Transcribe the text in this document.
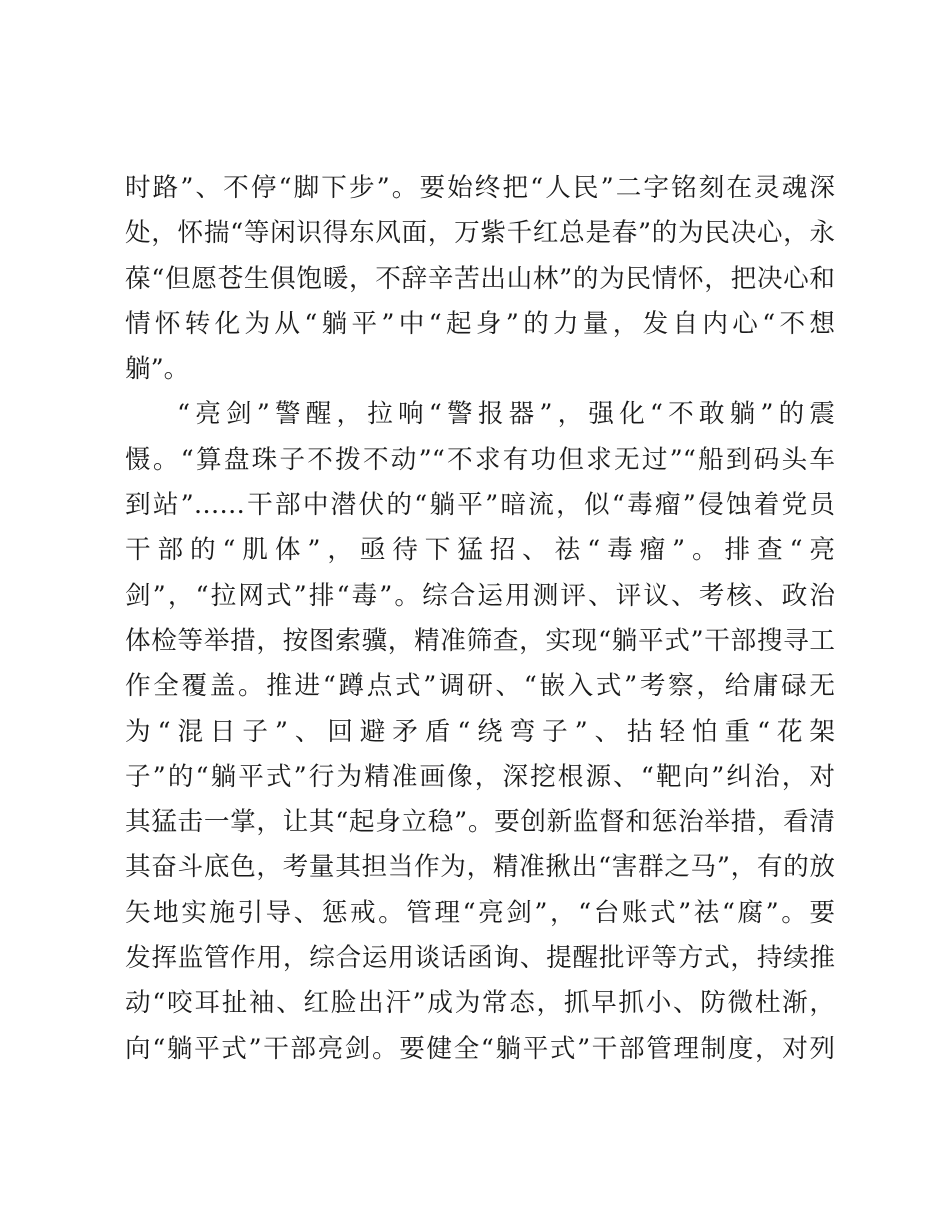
时路”、不停“脚下步”。要始终把“人民”二字铭刻在灵魂深
处，怀揣“等闲识得东风面，万紫千红总是春”的为民决心，永
葆“但愿苍生俱饱暖，不辞辛苦出山林”的为民情怀，把决心和
情怀转化为从“躺平”中“起身”的力量，发自内心“不想
躺”。
“亮剑”警醒，拉响“警报器”，强化“不敢躺”的震
慑。“算盘珠子不拨不动”“不求有功但求无过”“船到码头车
到站”……干部中潜伏的“躺平”暗流，似“毒瘤”侵蚀着党员
干部的“肌体”，亟待下猛招、祛“毒瘤”。排查“亮
剑”，“拉网式”排“毒”。综合运用测评、评议、考核、政治
体检等举措，按图索骥，精准筛查，实现“躺平式”干部搜寻工
作全覆盖。推进“蹲点式”调研、“嵌入式”考察，给庸碌无
为“混日子”、回避矛盾“绕弯子”、拈轻怕重“花架
子”的“躺平式”行为精准画像，深挖根源、“靶向”纠治，对
其猛击一掌，让其“起身立稳”。要创新监督和惩治举措，看清
其奋斗底色，考量其担当作为，精准揪出“害群之马”，有的放
矢地实施引导、惩戒。管理“亮剑”，“台账式”祛“腐”。要
发挥监管作用，综合运用谈话函询、提醒批评等方式，持续推
动“咬耳扯袖、红脸出汗”成为常态，抓早抓小、防微杜渐，
向“躺平式”干部亮剑。要健全“躺平式”干部管理制度，对列
